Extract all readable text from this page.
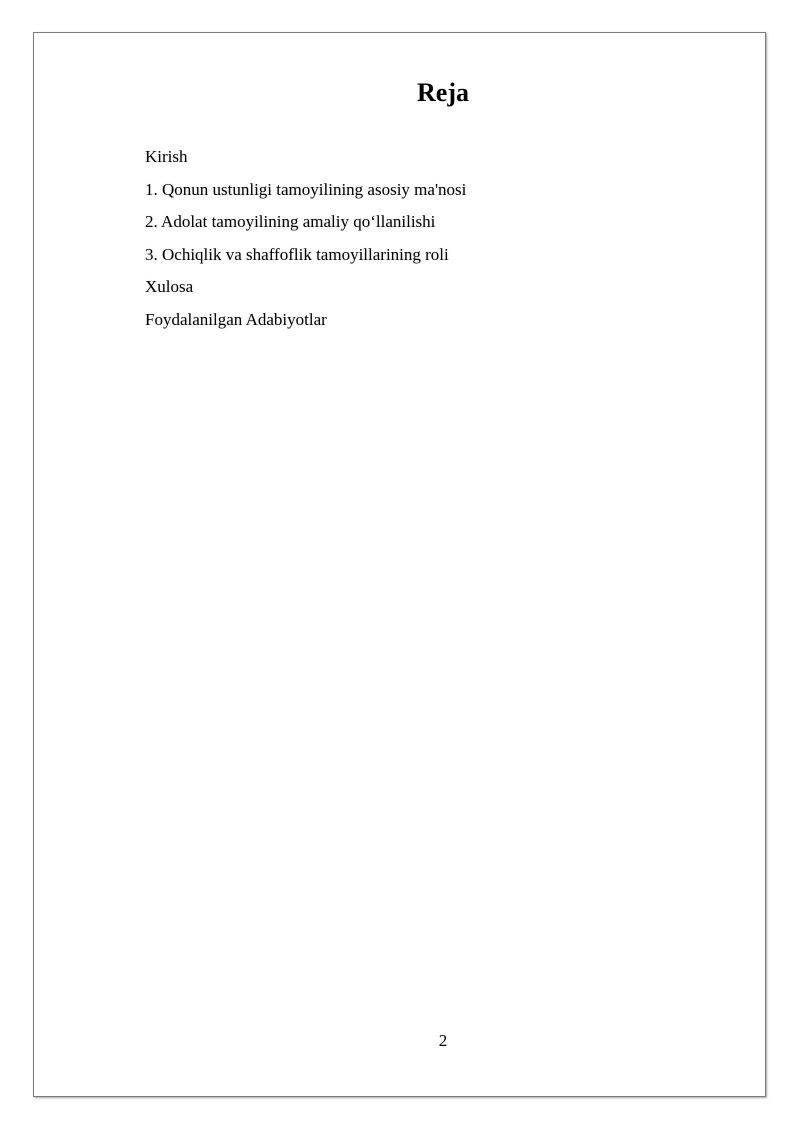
Reja
Kirish
1. Qonun ustunligi tamoyilining asosiy ma'nosi
2. Adolat tamoyilining amaliy qo‘llanilishi
3. Ochiqlik va shaffoflik tamoyillarining roli
Xulosa
Foydalanilgan Adabiyotlar
2
